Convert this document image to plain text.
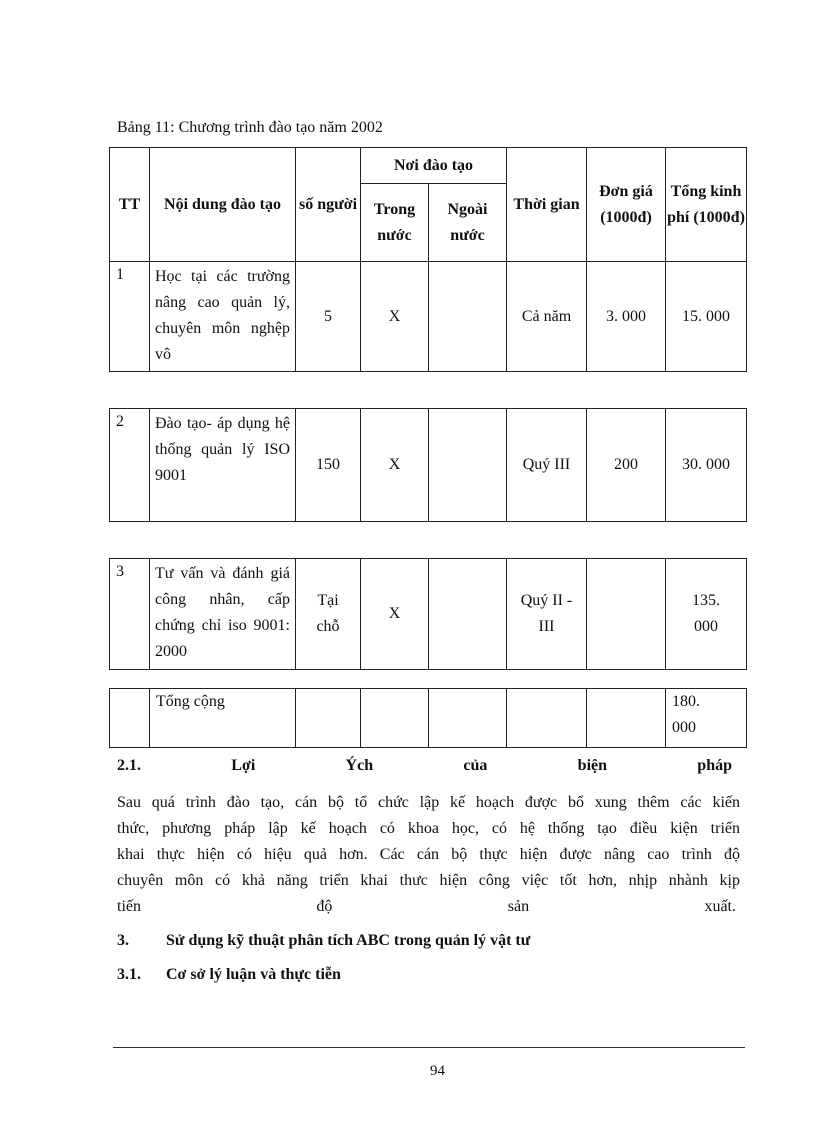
Bảng 11: Chương trình đào tạo năm 2002
TT	Nội dung đào tạo	số người	Nơi đào tạo		Thời gian	Đơn giá (1000đ)	Tổng kinh phí (1000đ)
			Trong nước	Ngoài nước			
1	Học tại các trường nâng cao quản lý, chuyên môn nghệp vô	5	X		Cả năm	3. 000	15. 000
2	Đào tạo- áp dụng hệ thống quản lý ISO 9001	150	X		Quý III	200	30. 000
3	Tư vấn và đánh giá công nhân, cấp chứng chỉ iso 9001: 2000	Tại chỗ	X		Quý II - III		135. 000
	Tổng cộng						180. 000
2.1.	Lợi	Ých	của	biện	pháp
Sau quá trình đào tạo, cán bộ tổ chức lập kế hoạch được bổ xung thêm các kiến
thức, phương pháp lập kế hoạch có khoa học, có hệ thống tạo điều kiện triển
khai thực hiện có hiệu quả hơn. Các cán bộ thực hiện được nâng cao trình độ
chuyên môn có khả năng triển khai thưc hiện công việc tốt hơn, nhịp nhành kịp
tiến	độ	sản	xuất.
3. Sử dụng kỹ thuật phân tích ABC trong quản lý vật tư
3.1. Cơ sở lý luận và thực tiễn
94
